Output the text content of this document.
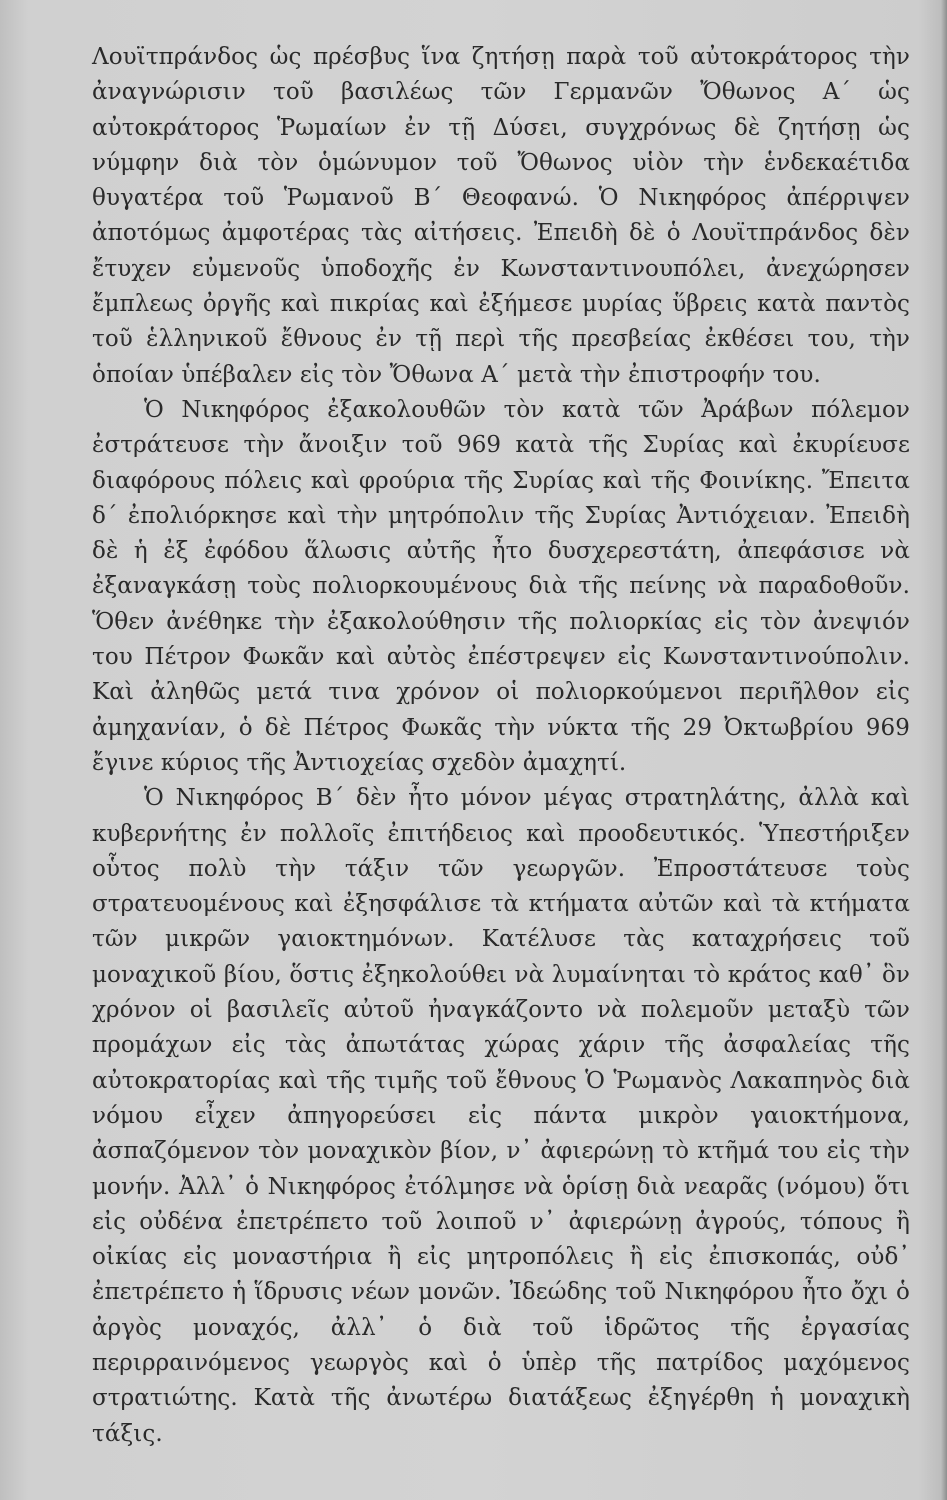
Λουϊτπράνδος ὡς πρέσβυς ἵνα ζητήσῃ παρὰ τοῦ αὐτοκράτορος τὴν ἀναγνώρισιν τοῦ βασιλέως τῶν Γερμανῶν Ὄθωνος Α΄ ὡς αὐτοκράτορος Ῥωμαίων ἐν τῇ Δύσει, συγχρόνως δὲ ζητήσῃ ὡς νύμφην διὰ τὸν ὁμώνυμον τοῦ Ὄθωνος υἱὸν τὴν ἑνδεκαέτιδα θυγατέρα τοῦ Ῥωμανοῦ Β΄ Θεοφανώ. Ὁ Νικηφόρος ἀπέρριψεν ἀποτόμως ἀμφοτέρας τὰς αἰτήσεις. Ἐπειδὴ δὲ ὁ Λουϊτπράνδος δὲν ἔτυχεν εὐμενοῦς ὑποδοχῆς ἐν Κωνσταντινουπόλει, ἀνεχώρησεν ἔμπλεως ὀργῆς καὶ πικρίας καὶ ἐξήμεσε μυρίας ὕβρεις κατὰ παντὸς τοῦ ἑλληνικοῦ ἔθνους ἐν τῇ περὶ τῆς πρεσβείας ἐκθέσει του, τὴν ὁποίαν ὑπέβαλεν εἰς τὸν Ὄθωνα Α΄ μετὰ τὴν ἐπιστροφήν του.

Ὁ Νικηφόρος ἐξακολουθῶν τὸν κατὰ τῶν Ἀράβων πόλεμον ἐστράτευσε τὴν ἄνοιξιν τοῦ 969 κατὰ τῆς Συρίας καὶ ἐκυρίευσε διαφόρους πόλεις καὶ φρούρια τῆς Συρίας καὶ τῆς Φοινίκης. Ἔπειτα δ΄ ἐπολιόρκησε καὶ τὴν μητρόπολιν τῆς Συρίας Ἀντιόχειαν. Ἐπειδὴ δὲ ἡ ἐξ ἐφόδου ἅλωσις αὐτῆς ἦτο δυσχερεστάτη, ἀπεφάσισε νὰ ἐξαναγκάσῃ τοὺς πολιορκουμένους διὰ τῆς πείνης νὰ παραδοθοῦν. Ὅθεν ἀνέθηκε τὴν ἐξακολούθησιν τῆς πολιορκίας εἰς τὸν ἀνεψιόν του Πέτρον Φωκᾶν καὶ αὐτὸς ἐπέστρεψεν εἰς Κωνσταντινούπολιν. Καὶ ἀληθῶς μετά τινα χρόνον οἱ πολιορκούμενοι περιῆλθον εἰς ἀμηχανίαν, ὁ δὲ Πέτρος Φωκᾶς τὴν νύκτα τῆς 29 Ὀκτωβρίου 969 ἔγινε κύριος τῆς Ἀντιοχείας σχεδὸν ἀμαχητί.

Ὁ Νικηφόρος Β΄ δὲν ἦτο μόνον μέγας στρατηλάτης, ἀλλὰ καὶ κυβερνήτης ἐν πολλοῖς ἐπιτήδειος καὶ προοδευτικός. Ὑπεστήριξεν οὗτος πολὺ τὴν τάξιν τῶν γεωργῶν. Ἐπροστάτευσε τοὺς στρατευομένους καὶ ἐξησφάλισε τὰ κτήματα αὐτῶν καὶ τὰ κτήματα τῶν μικρῶν γαιοκτημόνων. Κατέλυσε τὰς καταχρήσεις τοῦ μοναχικοῦ βίου, ὅστις ἐξηκολούθει νὰ λυμαίνηται τὸ κράτος καθ᾽ ὃν χρόνον οἱ βασιλεῖς αὐτοῦ ἠναγκάζοντο νὰ πολεμοῦν μεταξὺ τῶν προμάχων εἰς τὰς ἀπωτάτας χώρας χάριν τῆς ἀσφαλείας τῆς αὐτοκρατορίας καὶ τῆς τιμῆς τοῦ ἔθνους Ὁ Ῥωμανὸς Λακαπηνὸς διὰ νόμου εἶχεν ἀπηγορεύσει εἰς πάντα μικρὸν γαιοκτήμονα, ἀσπαζόμενον τὸν μοναχικὸν βίον, ν᾽ ἀφιερώνῃ τὸ κτῆμά του εἰς τὴν μονήν. Ἀλλ᾽ ὁ Νικηφόρος ἐτόλμησε νὰ ὁρίσῃ διὰ νεαρᾶς (νόμου) ὅτι εἰς οὐδένα ἐπετρέπετο τοῦ λοιποῦ ν᾽ ἀφιερώνῃ ἀγρούς, τόπους ἢ οἰκίας εἰς μοναστήρια ἢ εἰς μητροπόλεις ἢ εἰς ἐπισκοπάς, οὐδ᾽ ἐπετρέπετο ἡ ἵδρυσις νέων μονῶν. Ἰδεώδης τοῦ Νικηφόρου ἦτο ὄχι ὁ ἀργὸς μοναχός, ἀλλ᾽ ὁ διὰ τοῦ ἱδρῶτος τῆς ἐργασίας περιρραινόμενος γεωργὸς καὶ ὁ ὑπὲρ τῆς πατρίδος μαχόμενος στρατιώτης. Κατὰ τῆς ἀνωτέρω διατάξεως ἐξηγέρθη ἡ μοναχικὴ τάξις.
